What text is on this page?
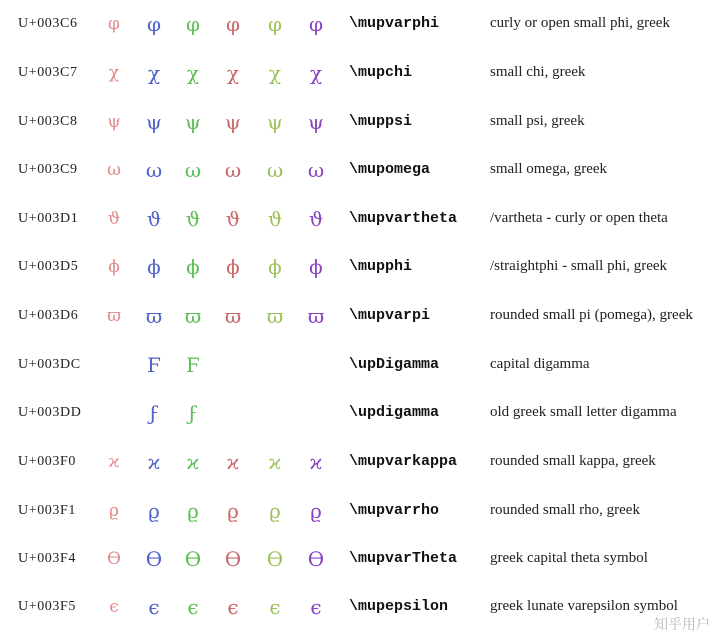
U+003C6	φ	φ	φ	φ	φ	φ	\mupvarphi	curly or open small phi, greek
U+003C7	χ	χ	χ	χ	χ	χ	\mupchi	small chi, greek
U+003C8	ψ	ψ	ψ	ψ	ψ	ψ	\muppsi	small psi, greek
U+003C9	ω	ω	ω	ω	ω	ω	\mupomega	small omega, greek
U+003D1	ϑ	ϑ	ϑ	ϑ	ϑ	ϑ	\mupvartheta /vartheta - curly or open theta
U+003D5	ϕ	ϕ	ϕ	ϕ	ϕ	ϕ	\mupphi	/straightphi - small phi, greek
U+003D6	ϖ	ϖ	ϖ	ϖ	ϖ	ϖ	\mupvarpi	rounded small pi (pomega), greek
U+003DC	Ϝ	Ϝ	\upDigamma	capital digamma
U+003DD	ϝ	ϝ	\updigamma	old greek small letter digamma
U+003F0	ϰ	ϰ	ϰ	ϰ	ϰ	ϰ	\mupvarkappa rounded small kappa, greek
U+003F1	ϱ	ϱ	ϱ	ϱ	ϱ	ϱ	\mupvarrho	rounded small rho, greek
U+003F4	ϴ	ϴ	ϴ	ϴ	ϴ	ϴ	\mupvarTheta greek capital theta symbol
U+003F5	ϵ	ϵ	ϵ	ϵ	ϵ	ϵ	\mupepsilon	greek lunate varepsilon symbol
知乎用户
